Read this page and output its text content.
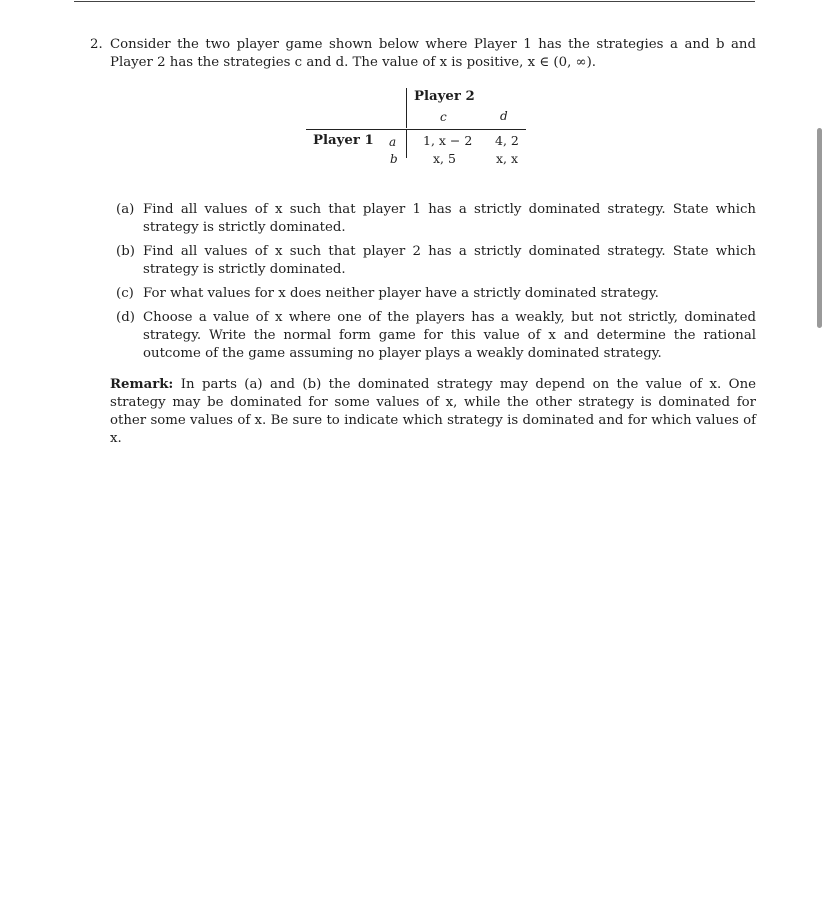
2. Consider the two player game shown below where Player 1 has the strategies a and b and Player 2 has the strategies c and d. The value of x is positive, x ∈ (0, ∞).
Player 2
c	d
Player 1 a
b
1, x − 2 4, 2
x, 5	x, x
(a) Find all values of x such that player 1 has a strictly dominated strategy. State which strategy is strictly dominated.
(b) Find all values of x such that player 2 has a strictly dominated strategy. State which strategy is strictly dominated.
(c) For what values for x does neither player have a strictly dominated strategy.
(d) Choose a value of x where one of the players has a weakly, but not strictly, dominated strategy. Write the normal form game for this value of x and determine the rational outcome of the game assuming no player plays a weakly dominated strategy.
Remark: In parts (a) and (b) the dominated strategy may depend on the value of x. One strategy may be dominated for some values of x, while the other strategy is dominated for other some values of x. Be sure to indicate which strategy is dominated and for which values of x.
